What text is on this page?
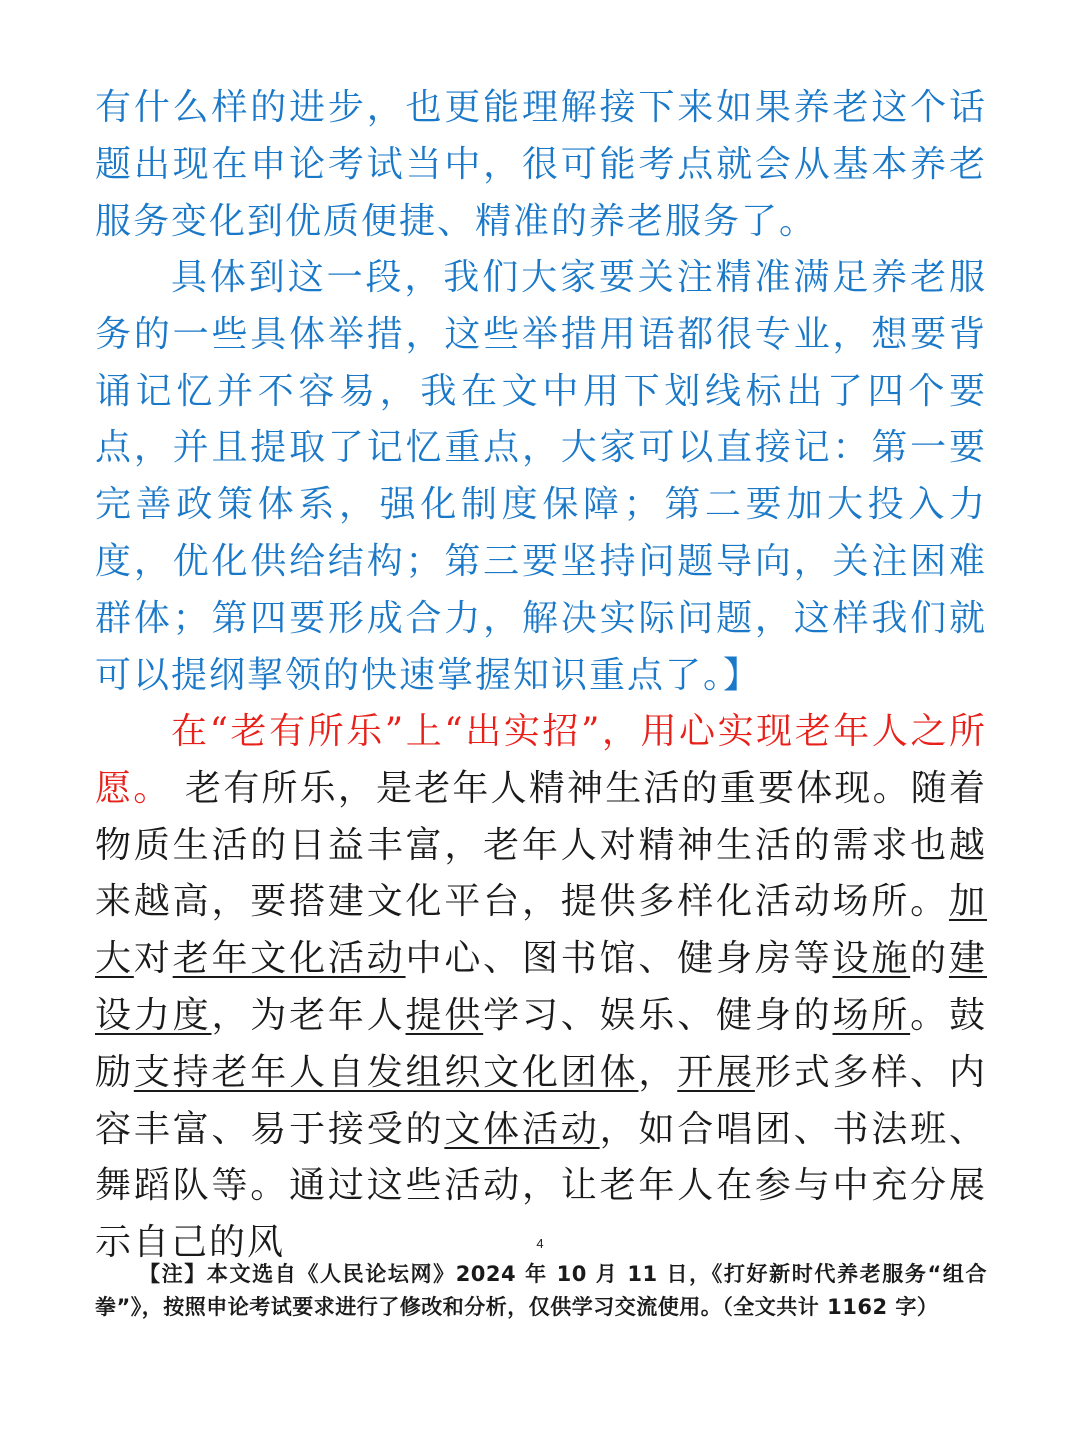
有什么样的进步，也更能理解接下来如果养老这个话题出现在申论考试当中，很可能考点就会从基本养老服务变化到优质便捷、精准的养老服务了。

具体到这一段，我们大家要关注精准满足养老服务的一些具体举措，这些举措用语都很专业，想要背诵记忆并不容易，我在文中用下划线标出了四个要点，并且提取了记忆重点，大家可以直接记：第一要完善政策体系，强化制度保障；第二要加大投入力度，优化供给结构；第三要坚持问题导向，关注困难群体；第四要形成合力，解决实际问题，这样我们就可以提纲挈领的快速掌握知识重点了。】

在“老有所乐”上“出实招”，用心实现老年人之所愿。 老有所乐，是老年人精神生活的重要体现。随着物质生活的日益丰富，老年人对精神生活的需求也越来越高，要搭建文化平台，提供多样化活动场所。加大对老年文化活动中心、图书馆、健身房等设施的建设力度，为老年人提供学习、娱乐、健身的场所。鼓励支持老年人自发组织文化团体，开展形式多样、内容丰富、易于接受的文体活动，如合唱团、书法班、舞蹈队等。通过这些活动，让老年人在参与中充分展示自己的风	4

【注】本文选自《人民论坛网》2024 年 10 月 11 日，《打好新时代养老服务“组合拳”》，按照申论考试要求进行了修改和分析，仅供学习交流使用。（全文共计 1162 字）
